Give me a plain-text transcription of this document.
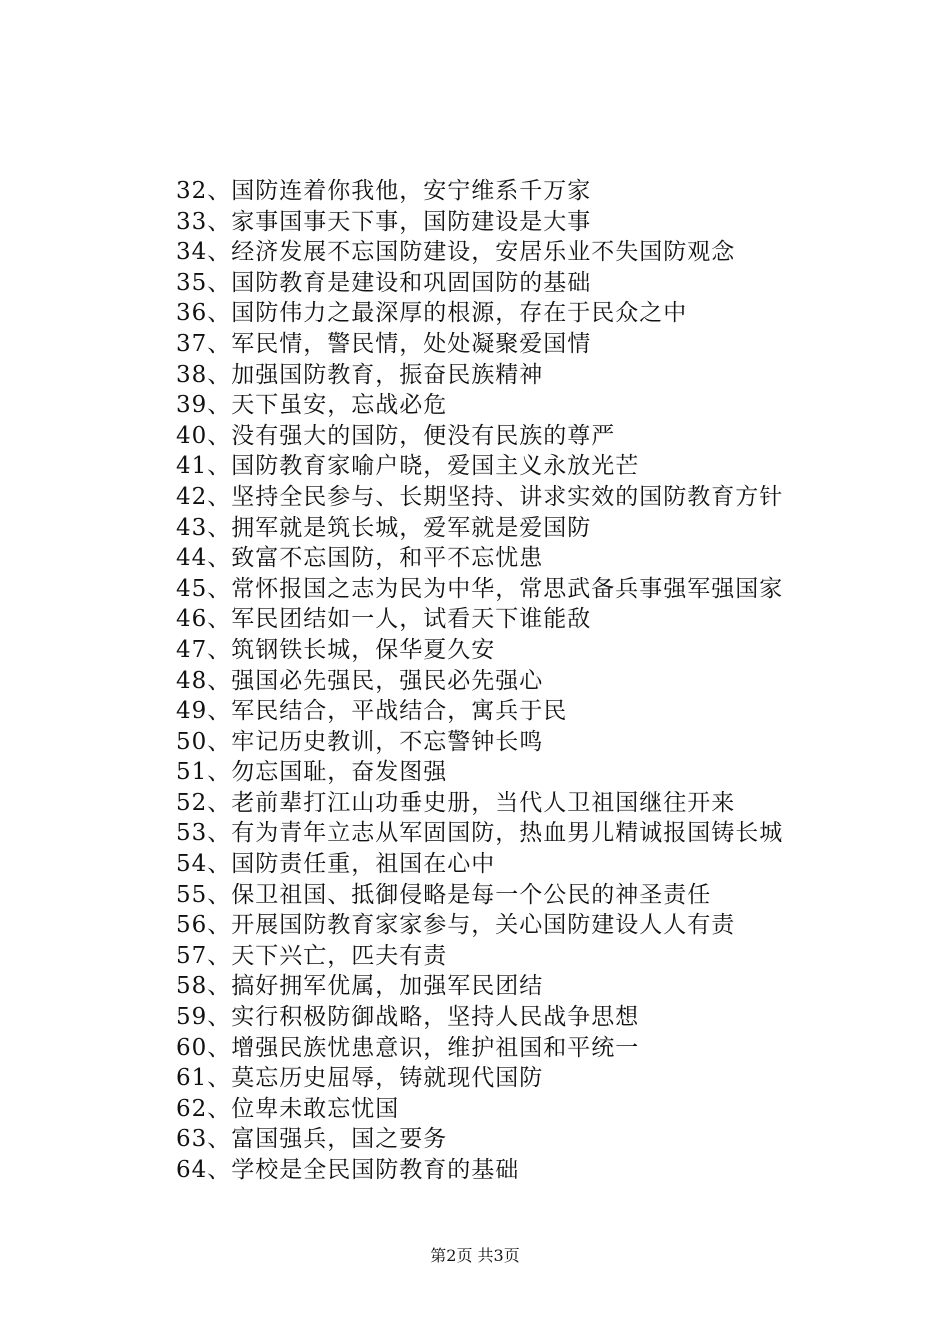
32、国防连着你我他，安宁维系千万家
33、家事国事天下事，国防建设是大事
34、经济发展不忘国防建设，安居乐业不失国防观念
35、国防教育是建设和巩固国防的基础
36、国防伟力之最深厚的根源，存在于民众之中
37、军民情，警民情，处处凝聚爱国情
38、加强国防教育，振奋民族精神
39、天下虽安，忘战必危
40、没有强大的国防，便没有民族的尊严
41、国防教育家喻户晓，爱国主义永放光芒
42、坚持全民参与、长期坚持、讲求实效的国防教育方针
43、拥军就是筑长城，爱军就是爱国防
44、致富不忘国防，和平不忘忧患
45、常怀报国之志为民为中华，常思武备兵事强军强国家
46、军民团结如一人，试看天下谁能敌
47、筑钢铁长城，保华夏久安
48、强国必先强民，强民必先强心
49、军民结合，平战结合，寓兵于民
50、牢记历史教训，不忘警钟长鸣
51、勿忘国耻，奋发图强
52、老前辈打江山功垂史册，当代人卫祖国继往开来
53、有为青年立志从军固国防，热血男儿精诚报国铸长城
54、国防责任重，祖国在心中
55、保卫祖国、抵御侵略是每一个公民的神圣责任
56、开展国防教育家家参与，关心国防建设人人有责
57、天下兴亡，匹夫有责
58、搞好拥军优属，加强军民团结
59、实行积极防御战略，坚持人民战争思想
60、增强民族忧患意识，维护祖国和平统一
61、莫忘历史屈辱，铸就现代国防
62、位卑未敢忘忧国
63、富国强兵，国之要务
64、学校是全民国防教育的基础
第2页 共3页
